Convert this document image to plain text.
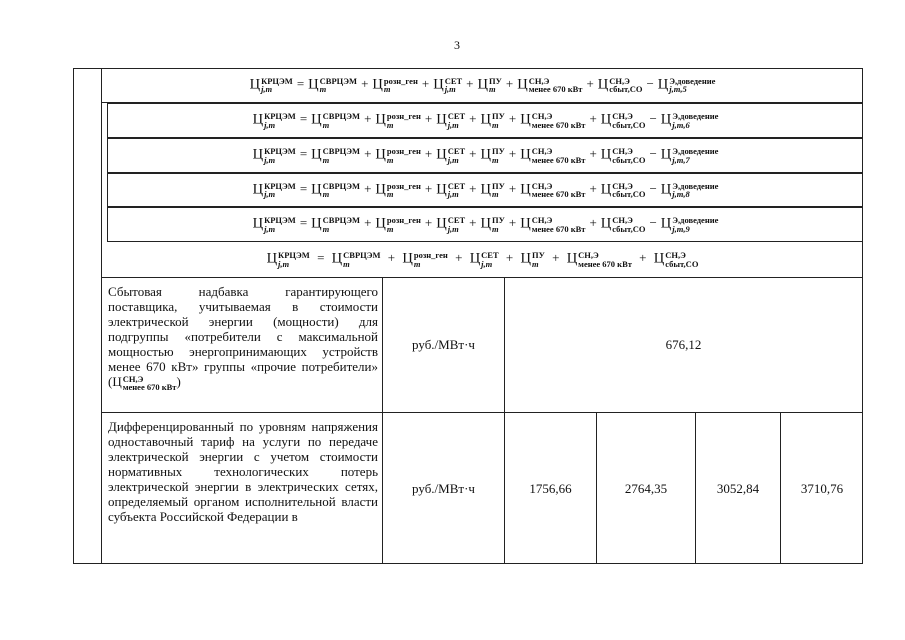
3
Ц КРЦЭМ
j,m	= Ц СВРЦЭМ
m	+ Ц розн_ген
m	+ Ц СЕТ
j,m + Ц ПУ
m + Ц СН,Э
менее 670 кВт + Ц СН,Э
сбыт,СО − Ц Э,доведение
j,m,5
Ц КРЦЭМ
j,m	= Ц СВРЦЭМ
m	+ Ц розн_ген
m	+ Ц СЕТ
j,m + Ц ПУ
m + Ц СН,Э
менее 670 кВт + Ц СН,Э
сбыт,СО − Ц Э,доведение
j,m,6
Ц КРЦЭМ
j,m	= Ц СВРЦЭМ
m	+ Ц розн_ген
m	+ Ц СЕТ
j,m + Ц ПУ
m + Ц СН,Э
менее 670 кВт + Ц СН,Э
сбыт,СО − Ц Э,доведение
j,m,7
Ц КРЦЭМ
j,m	= Ц СВРЦЭМ
m	+ Ц розн_ген
m	+ Ц СЕТ
j,m + Ц ПУ
m + Ц СН,Э
менее 670 кВт + Ц СН,Э
сбыт,СО − Ц Э,доведение
j,m,8
Ц КРЦЭМ
j,m	= Ц СВРЦЭМ
m	+ Ц розн_ген
m	+ Ц СЕТ
j,m + Ц ПУ
m + Ц СН,Э
менее 670 кВт + Ц СН,Э
сбыт,СО − Ц Э,доведение
j,m,9
Ц КРЦЭМ
j,m	= Ц СВРЦЭМ
m	+ Ц розн_ген
m	+ Ц СЕТ
j,m	+ Ц ПУ
m	+ Ц СН,Э
менее 670 кВт + Ц СН,Э
сбыт,СО
Сбытовая надбавка гарантирующего поставщика, учитываемая в стоимости электрической энергии (мощности) для подгруппы «потребители с максимальной мощностью энергопринимающих устройств менее 670 кВт» группы «прочие потребители» (Ц СН,Э
менее 670 кВт )
руб./МВт·ч	676,12
Дифференцированный по уровням напряжения одноставочный тариф на услуги по передаче электрической энергии с учетом стоимости нормативных технологических потерь электрической энергии в электрических сетях, определяемый органом исполнительной власти субъекта Российской Федерации в
руб./МВт·ч	1756,66	2764,35	3052,84	3710,76
